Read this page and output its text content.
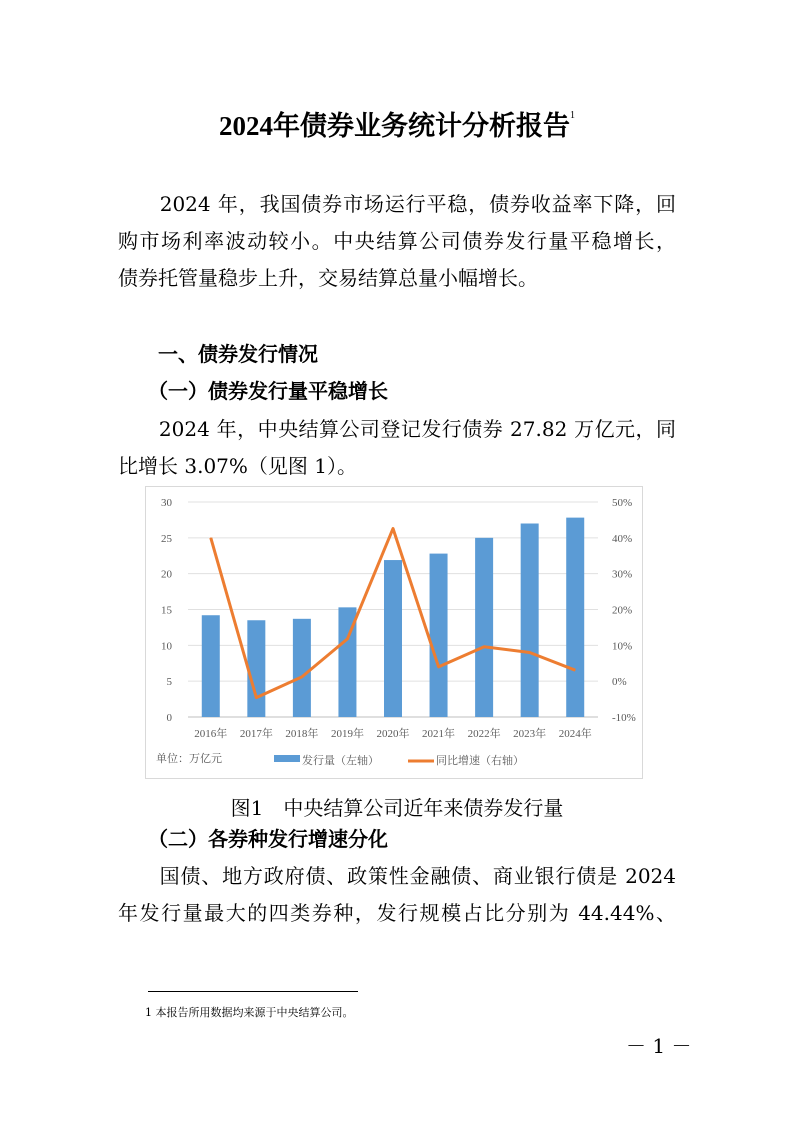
2024年债券业务统计分析报告$^1$
　　2024 年，我国债券市场运行平稳，债券收益率下降，回
购市场利率波动较小。中央结算公司债券发行量平稳增长，
债券托管量稳步上升，交易结算总量小幅增长。
　　一、债券发行情况
　　（一）债券发行量平稳增长
　　2024 年，中央结算公司登记发行债券 27.82 万亿元，同
比增长 3.07%（见图 1）。
0
5
10
15
20
25
30
-10%
0%
10%
20%
30%
40%
50%
2016年 2017年 2018年 2019年 2020年 2021年 2022年 2023年 2024年
单位：万亿元	发行量（左轴）	同比增速（右轴）
图1　中央结算公司近年来债券发行量
　　（二）各券种发行增速分化
　　国债、地方政府债、政策性金融债、商业银行债是 2024
年发行量最大的四类券种，发行规模占比分别为 44.44%、
1 本报告所用数据均来源于中央结算公司。
－ 1 －
